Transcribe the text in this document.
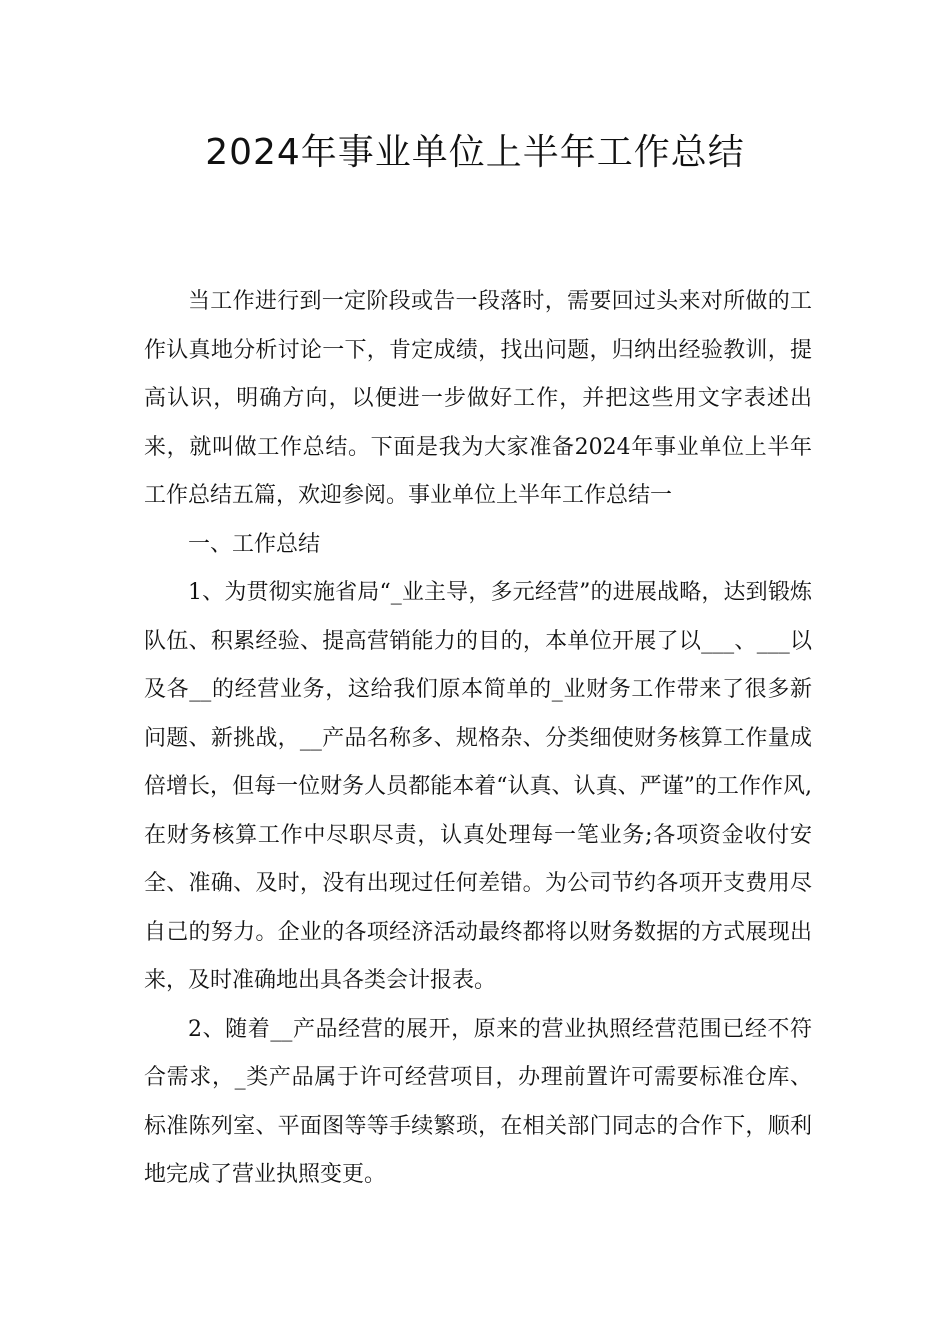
2024年事业单位上半年工作总结

当工作进行到一定阶段或告一段落时，需要回过头来对所做的工作认真地分析讨论一下，肯定成绩，找出问题，归纳出经验教训，提高认识，明确方向，以便进一步做好工作，并把这些用文字表述出来，就叫做工作总结。下面是我为大家准备2024年事业单位上半年工作总结五篇，欢迎参阅。事业单位上半年工作总结一

一、工作总结

1、为贯彻实施省局“_业主导，多元经营”的进展战略，达到锻炼队伍、积累经验、提高营销能力的目的，本单位开展了以___、___以及各__的经营业务，这给我们原本简单的_业财务工作带来了很多新问题、新挑战，__产品名称多、规格杂、分类细使财务核算工作量成倍增长，但每一位财务人员都能本着“认真、认真、严谨”的工作作风,在财务核算工作中尽职尽责，认真处理每一笔业务;各项资金收付安全、准确、及时，没有出现过任何差错。为公司节约各项开支费用尽自己的努力。企业的各项经济活动最终都将以财务数据的方式展现出来，及时准确地出具各类会计报表。

2、随着__产品经营的展开，原来的营业执照经营范围已经不符合需求，_类产品属于许可经营项目，办理前置许可需要标准仓库、标准陈列室、平面图等等手续繁琐，在相关部门同志的合作下，顺利地完成了营业执照变更。
